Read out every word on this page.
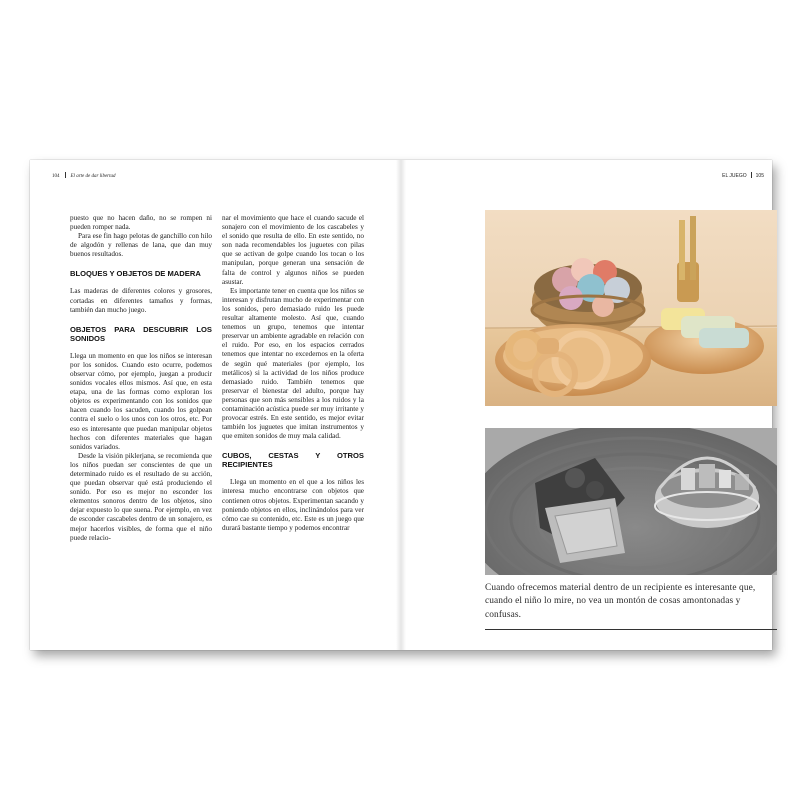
104 El arte de dar libertad

puesto que no hacen daño, no se rompen ni pueden romper nada.

Para ese fin hago pelotas de ganchillo con hilo de algodón y rellenas de lana, que dan muy buenos resultados.

BLOQUES Y OBJETOS DE MADERA

Las maderas de diferentes colores y grosores, cortadas en diferentes tamaños y formas, también dan mucho juego.

OBJETOS PARA DESCUBRIR LOS SONIDOS

Llega un momento en que los niños se interesan por los sonidos. Cuando esto ocurre, podemos observar cómo, por ejemplo, juegan a producir sonidos vocales ellos mismos. Así que, en esta etapa, una de las formas como exploran los objetos es experimentando con los sonidos que hacen cuando los sacuden, cuando los golpean contra el suelo o los unos con los otros, etc. Por eso es interesante que puedan manipular objetos hechos con diferentes materiales que hagan sonidos variados.

Desde la visión piklerjana, se recomienda que los niños puedan ser conscientes de que un determinado ruido es el resultado de su acción, que puedan observar qué está produciendo el sonido. Por eso es mejor no esconder los elementos sonoros dentro de los objetos, sino dejar expuesto lo que suena. Por ejemplo, en vez de esconder cascabeles dentro de un sonajero, es mejor hacerlos visibles, de forma que el niño puede relacio-

nar el movimiento que hace el cuando sacude el sonajero con el movimiento de los cascabeles y el sonido que resulta de ello. En este sentido, no son nada recomendables los juguetes con pilas que se activan de golpe cuando los tocan o los manipulan, porque generan una sensación de falta de control y algunos niños se pueden asustar.

Es importante tener en cuenta que los niños se interesan y disfrutan mucho de experimentar con los sonidos, pero demasiado ruido les puede resultar altamente molesto. Así que, cuando tenemos un grupo, tenemos que intentar preservar un ambiente agradable en relación con el ruido. Por eso, en los espacios cerrados tenemos que intentar no excedernos en la oferta de según qué materiales (por ejemplo, los metálicos) si la actividad de los niños produce demasiado ruido. También tenemos que preservar el bienestar del adulto, porque hay personas que son más sensibles a los ruidos y la contaminación acústica puede ser muy irritante y provocar estrés. En este sentido, es mejor evitar también los juguetes que imitan instrumentos y que emiten sonidos de muy mala calidad.

CUBOS, CESTAS Y OTROS RECIPIENTES

Llega un momento en el que a los niños les interesa mucho encontrarse con objetos que contienen otros objetos. Experimentan sacando y poniendo objetos en ellos, inclinándolos para ver cómo cae su contenido, etc. Este es un juego que durará bastante tiempo y podemos encontrar

EL JUEGO 105
Cuando ofrecemos material dentro de un recipiente es interesante que, cuando el niño lo mire, no vea un montón de cosas amontonadas y confusas.
